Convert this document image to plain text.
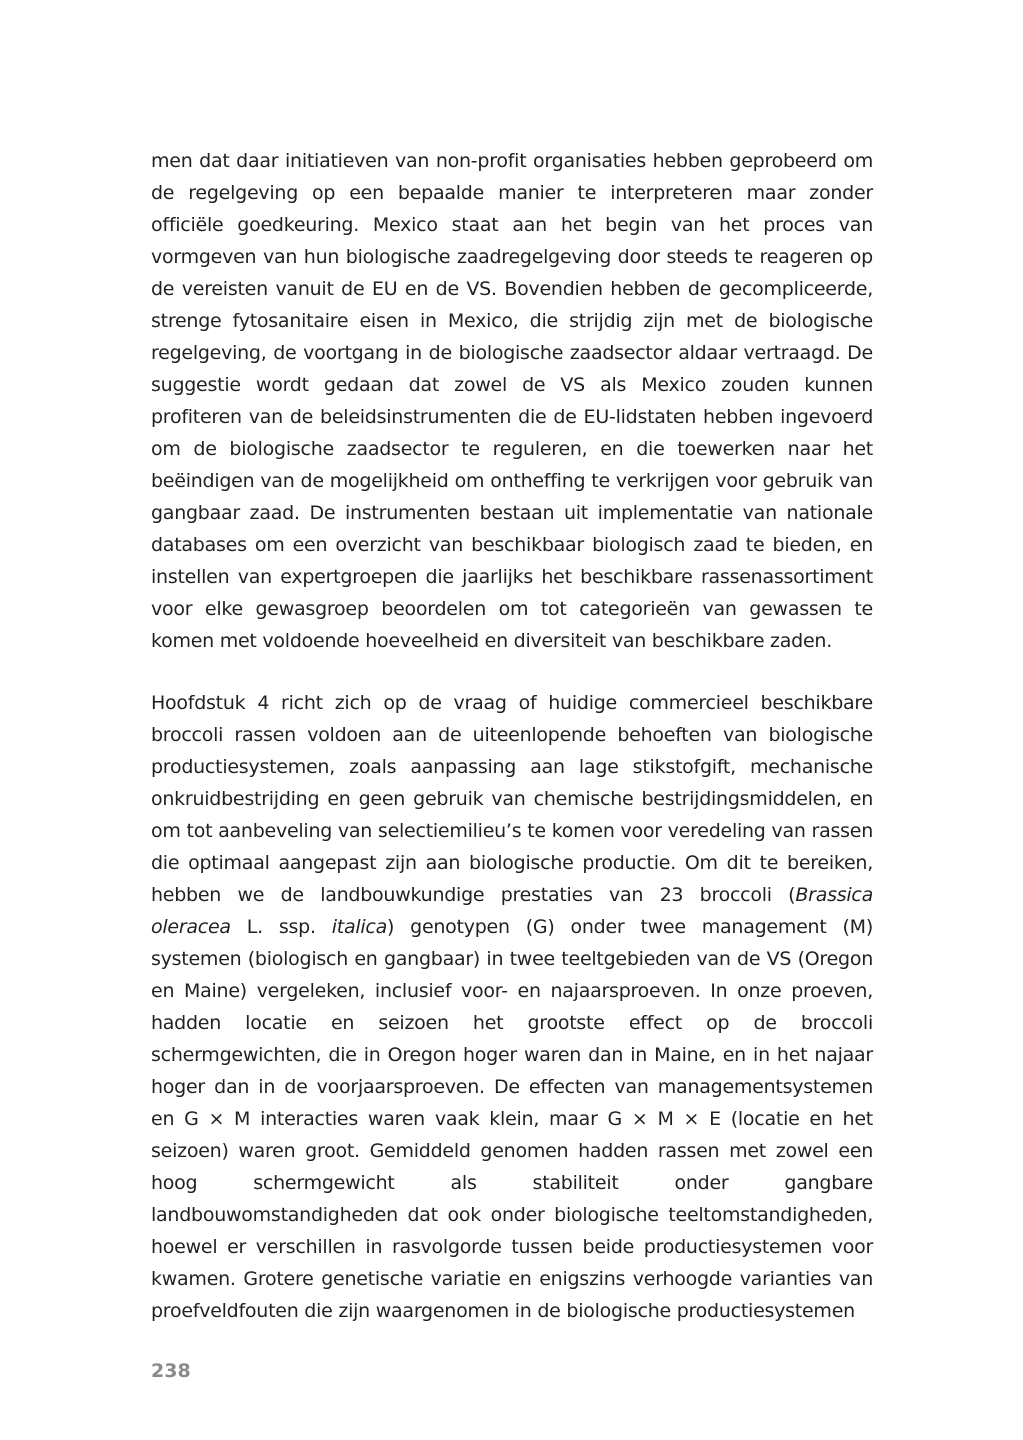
men dat daar initiatieven van non-profit organisaties hebben geprobeerd om de regelgeving op een bepaalde manier te interpreteren maar zonder officiële goedkeuring. Mexico staat aan het begin van het proces van vormgeven van hun biologische zaadregelgeving door steeds te reageren op de vereisten vanuit de EU en de VS. Bovendien hebben de gecompliceerde, strenge fytosanitaire eisen in Mexico, die strijdig zijn met de biologische regelgeving, de voortgang in de biologische zaadsector aldaar vertraagd. De suggestie wordt gedaan dat zowel de VS als Mexico zouden kunnen profiteren van de beleidsinstrumenten die de EU-lidstaten hebben ingevoerd om de biologische zaadsector te reguleren, en die toewerken naar het beëindigen van de mogelijkheid om ontheffing te verkrijgen voor gebruik van gangbaar zaad. De instrumenten bestaan uit implementatie van nationale databases om een overzicht van beschikbaar biologisch zaad te bieden, en instellen van expertgroepen die jaarlijks het beschikbare rassenassortiment voor elke gewasgroep beoordelen om tot categorieën van gewassen te komen met voldoende hoeveelheid en diversiteit van beschikbare zaden.

Hoofdstuk 4 richt zich op de vraag of huidige commercieel beschikbare broccoli rassen voldoen aan de uiteenlopende behoeften van biologische productiesystemen, zoals aanpassing aan lage stikstofgift, mechanische onkruidbestrijding en geen gebruik van chemische bestrijdingsmiddelen, en om tot aanbeveling van selectiemilieu’s te komen voor veredeling van rassen die optimaal aangepast zijn aan biologische productie. Om dit te bereiken, hebben we de landbouwkundige prestaties van 23 broccoli (Brassica oleracea L. ssp. italica) genotypen (G) onder twee management (M) systemen (biologisch en gangbaar) in twee teeltgebieden van de VS (Oregon en Maine) vergeleken, inclusief voor- en najaarsproeven. In onze proeven, hadden locatie en seizoen het grootste effect op de broccoli schermgewichten, die in Oregon hoger waren dan in Maine, en in het najaar hoger dan in de voorjaarsproeven. De effecten van managementsystemen en G × M interacties waren vaak klein, maar G × M × E (locatie en het seizoen) waren groot. Gemiddeld genomen hadden rassen met zowel een hoog schermgewicht als stabiliteit onder gangbare landbouwomstandigheden dat ook onder biologische teeltomstandigheden, hoewel er verschillen in rasvolgorde tussen beide productiesystemen voor kwamen. Grotere genetische variatie en enigszins verhoogde varianties van proefveldfouten die zijn waargenomen in de biologische productiesystemen

238
